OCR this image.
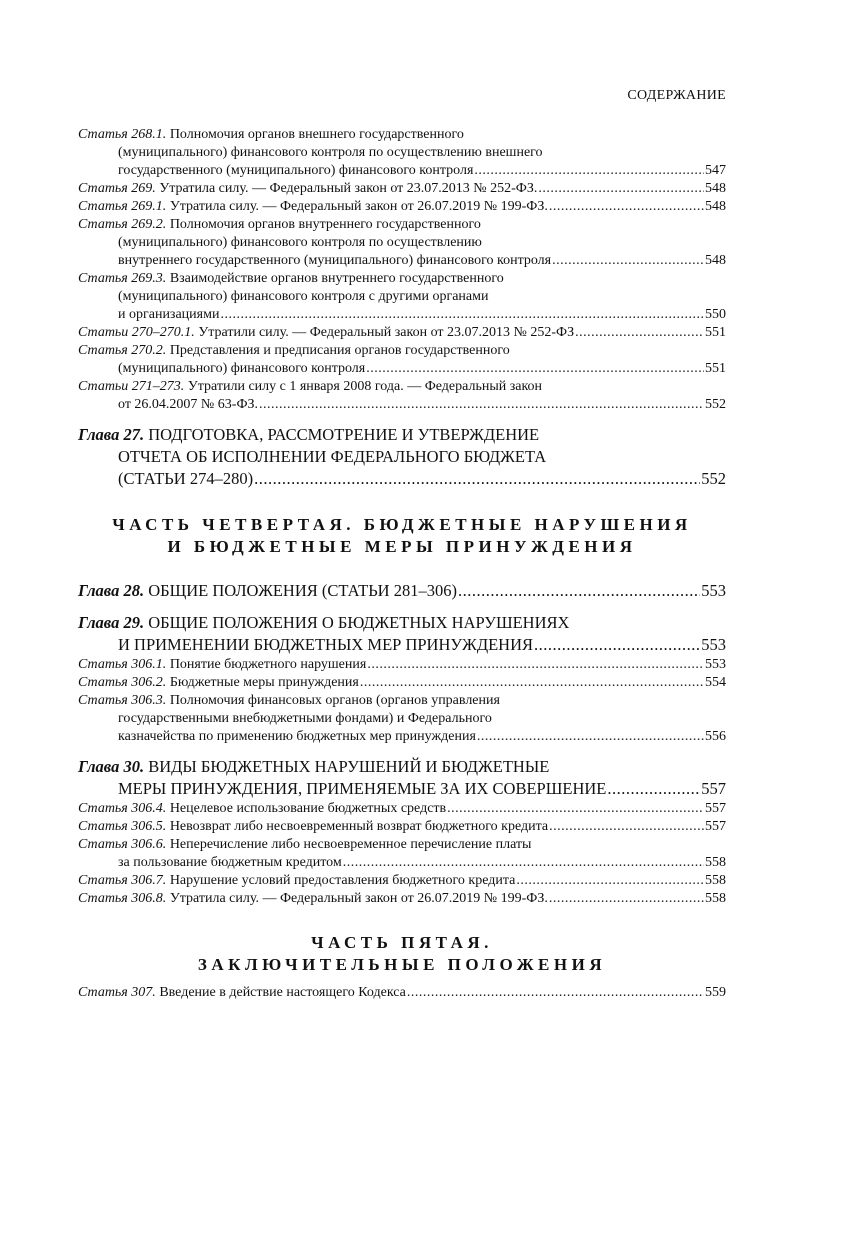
СОДЕРЖАНИЕ
Статья 268.1. Полномочия органов внешнего государственного
(муниципального) финансового контроля по осуществлению внешнего
государственного (муниципального) финансового контроля .....	547
Статья 269. Утратила силу. — Федеральный закон от 23.07.2013 № 252-ФЗ. .....	548
Статья 269.1. Утратила силу. — Федеральный закон от 26.07.2019 № 199-ФЗ. .....	548
Статья 269.2. Полномочия органов внутреннего государственного
(муниципального) финансового контроля по осуществлению
внутреннего государственного (муниципального) финансового контроля .....	548
Статья 269.3. Взаимодействие органов внутреннего государственного
(муниципального) финансового контроля с другими органами
и организациями .....	550
Статьи 270–270.1. Утратили силу. — Федеральный закон от 23.07.2013 № 252-ФЗ .....	551
Статья 270.2. Представления и предписания органов государственного
(муниципального) финансового контроля .....	551
Статьи 271–273. Утратили силу с 1 января 2008 года. — Федеральный закон
от 26.04.2007 № 63-ФЗ. .....	552
Глава 27. ПОДГОТОВКА, РАССМОТРЕНИЕ И УТВЕРЖДЕНИЕ
ОТЧЕТА ОБ ИСПОЛНЕНИИ ФЕДЕРАЛЬНОГО БЮДЖЕТА
(СТАТЬИ 274–280) .....	552
ЧАСТЬ ЧЕТВЕРТАЯ. БЮДЖЕТНЫЕ НАРУШЕНИЯ
И БЮДЖЕТНЫЕ МЕРЫ ПРИНУЖДЕНИЯ
Глава 28. ОБЩИЕ ПОЛОЖЕНИЯ (СТАТЬИ 281–306) .....	553
Глава 29. ОБЩИЕ ПОЛОЖЕНИЯ О БЮДЖЕТНЫХ НАРУШЕНИЯХ
И ПРИМЕНЕНИИ БЮДЖЕТНЫХ МЕР ПРИНУЖДЕНИЯ .....	553
Статья 306.1. Понятие бюджетного нарушения .....	553
Статья 306.2. Бюджетные меры принуждения .....	554
Статья 306.3. Полномочия финансовых органов (органов управления
государственными внебюджетными фондами) и Федерального
казначейства по применению бюджетных мер принуждения .....	556
Глава 30. ВИДЫ БЮДЖЕТНЫХ НАРУШЕНИЙ И БЮДЖЕТНЫЕ
МЕРЫ ПРИНУЖДЕНИЯ, ПРИМЕНЯЕМЫЕ ЗА ИХ СОВЕРШЕНИЕ .....	557
Статья 306.4. Нецелевое использование бюджетных средств .....	557
Статья 306.5. Невозврат либо несвоевременный возврат бюджетного кредита .....	557
Статья 306.6. Неперечисление либо несвоевременное перечисление платы
за пользование бюджетным кредитом .....	558
Статья 306.7. Нарушение условий предоставления бюджетного кредита .....	558
Статья 306.8. Утратила силу. — Федеральный закон от 26.07.2019 № 199-ФЗ. .....	558
ЧАСТЬ ПЯТАЯ.
ЗАКЛЮЧИТЕЛЬНЫЕ ПОЛОЖЕНИЯ
Статья 307. Введение в действие настоящего Кодекса .....	559
